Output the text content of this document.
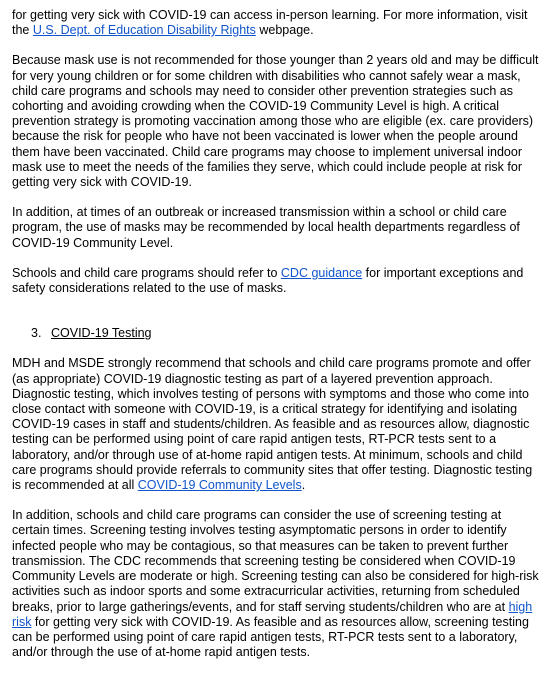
for getting very sick with COVID-19 can access in-person learning. For more information, visit the U.S. Dept. of Education Disability Rights webpage.

Because mask use is not recommended for those younger than 2 years old and may be difficult for very young children or for some children with disabilities who cannot safely wear a mask, child care programs and schools may need to consider other prevention strategies such as cohorting and avoiding crowding when the COVID-19 Community Level is high. A critical prevention strategy is promoting vaccination among those who are eligible (ex. care providers) because the risk for people who have not been vaccinated is lower when the people around them have been vaccinated. Child care programs may choose to implement universal indoor mask use to meet the needs of the families they serve, which could include people at risk for getting very sick with COVID-19.

In addition, at times of an outbreak or increased transmission within a school or child care program, the use of masks may be recommended by local health departments regardless of COVID-19 Community Level.

Schools and child care programs should refer to CDC guidance for important exceptions and safety considerations related to the use of masks.

3. COVID-19 Testing

MDH and MSDE strongly recommend that schools and child care programs promote and offer (as appropriate) COVID-19 diagnostic testing as part of a layered prevention approach. Diagnostic testing, which involves testing of persons with symptoms and those who come into close contact with someone with COVID-19, is a critical strategy for identifying and isolating COVID-19 cases in staff and students/children. As feasible and as resources allow, diagnostic testing can be performed using point of care rapid antigen tests, RT-PCR tests sent to a laboratory, and/or through use of at-home rapid antigen tests. At minimum, schools and child care programs should provide referrals to community sites that offer testing. Diagnostic testing is recommended at all COVID-19 Community Levels.

In addition, schools and child care programs can consider the use of screening testing at certain times. Screening testing involves testing asymptomatic persons in order to identify infected people who may be contagious, so that measures can be taken to prevent further transmission. The CDC recommends that screening testing be considered when COVID-19 Community Levels are moderate or high. Screening testing can also be considered for high-risk activities such as indoor sports and some extracurricular activities, returning from scheduled breaks, prior to large gatherings/events, and for staff serving students/children who are at high risk for getting very sick with COVID-19. As feasible and as resources allow, screening testing can be performed using point of care rapid antigen tests, RT-PCR tests sent to a laboratory, and/or through the use of at-home rapid antigen tests.
